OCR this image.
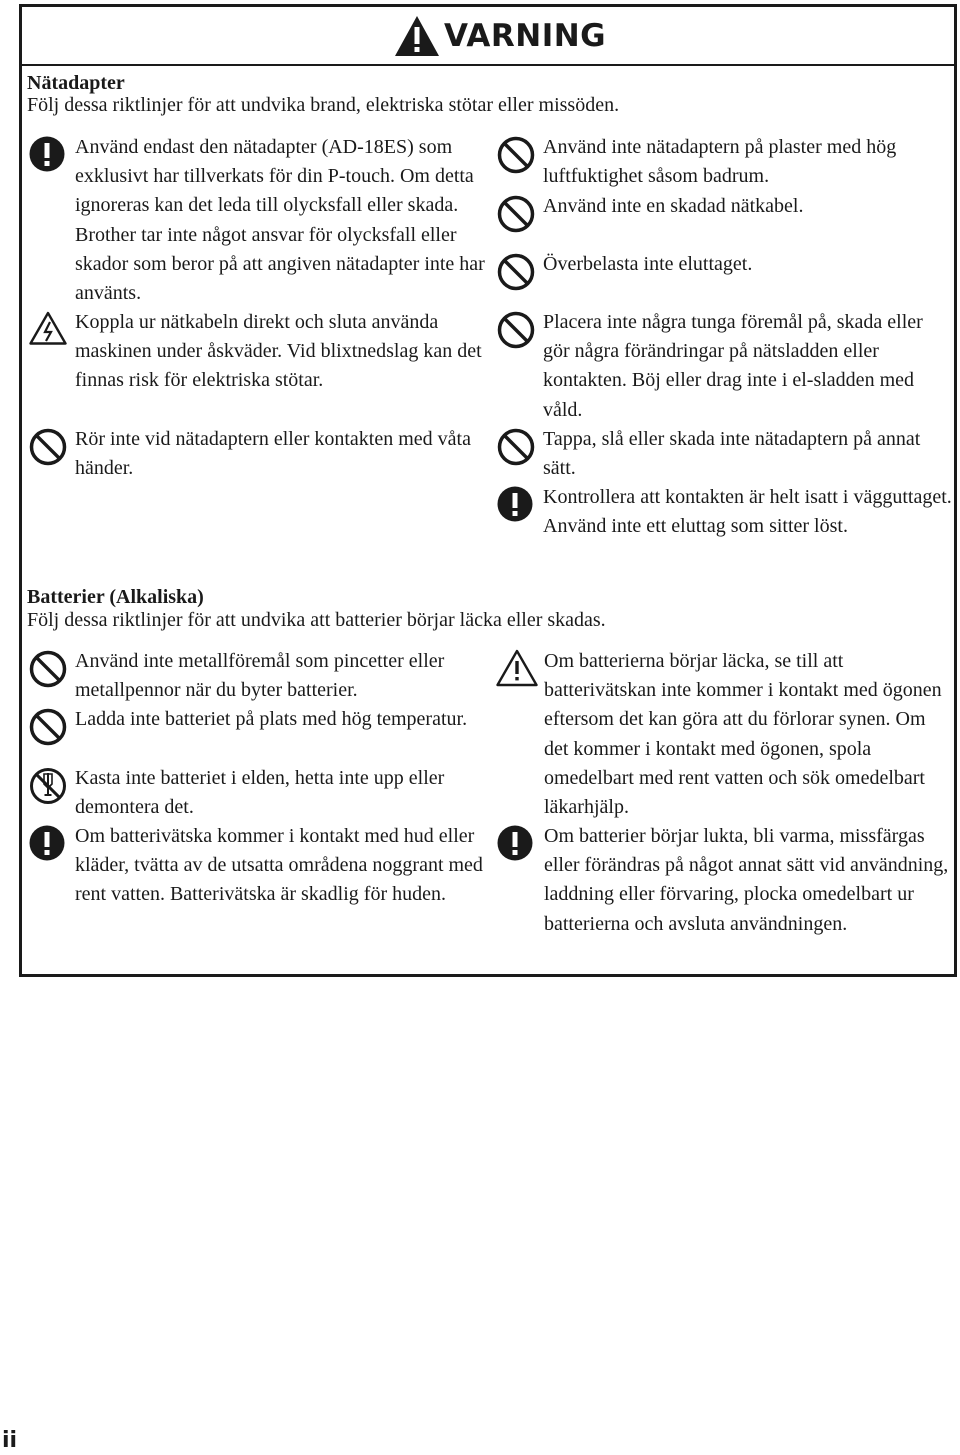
VARNING
Nätadapter
Följ dessa riktlinjer för att undvika brand, elektriska stötar eller missöden.
Använd endast den nätadapter (AD-18ES) som exklusivt har tillverkats för din P-touch. Om detta ignoreras kan det leda till olycksfall eller skada. Brother tar inte något ansvar för olycksfall eller skador som beror på att angiven nätadapter inte har använts.
Koppla ur nätkabeln direkt och sluta använda maskinen under åskväder. Vid blixtnedslag kan det finnas risk för elektriska stötar.
Rör inte vid nätadaptern eller kontakten med våta händer.
Använd inte nätadaptern på plaster med hög luftfuktighet såsom badrum.
Använd inte en skadad nätkabel.
Överbelasta inte eluttaget.
Placera inte några tunga föremål på, skada eller gör några förändringar på nätsladden eller kontakten. Böj eller drag inte i el-sladden med våld.
Tappa, slå eller skada inte nätadaptern på annat sätt.
Kontrollera att kontakten är helt isatt i vägguttaget. Använd inte ett eluttag som sitter löst.
Batterier (Alkaliska)
Följ dessa riktlinjer för att undvika att batterier börjar läcka eller skadas.
Använd inte metallföremål som pincetter eller metallpennor när du byter batterier.
Ladda inte batteriet på plats med hög temperatur.
Kasta inte batteriet i elden, hetta inte upp eller demontera det.
Om batterivätska kommer i kontakt med hud eller kläder, tvätta av de utsatta områdena noggrant med rent vatten. Batterivätska är skadlig för huden.
Om batterierna börjar läcka, se till att batterivätskan inte kommer i kontakt med ögonen eftersom det kan göra att du förlorar synen. Om det kommer i kontakt med ögonen, spola omedelbart med rent vatten och sök omedelbart läkarhjälp.
Om batterier börjar lukta, bli varma, missfärgas eller förändras på något annat sätt vid användning, laddning eller förvaring, plocka omedelbart ur batterierna och avsluta användningen.
ii
